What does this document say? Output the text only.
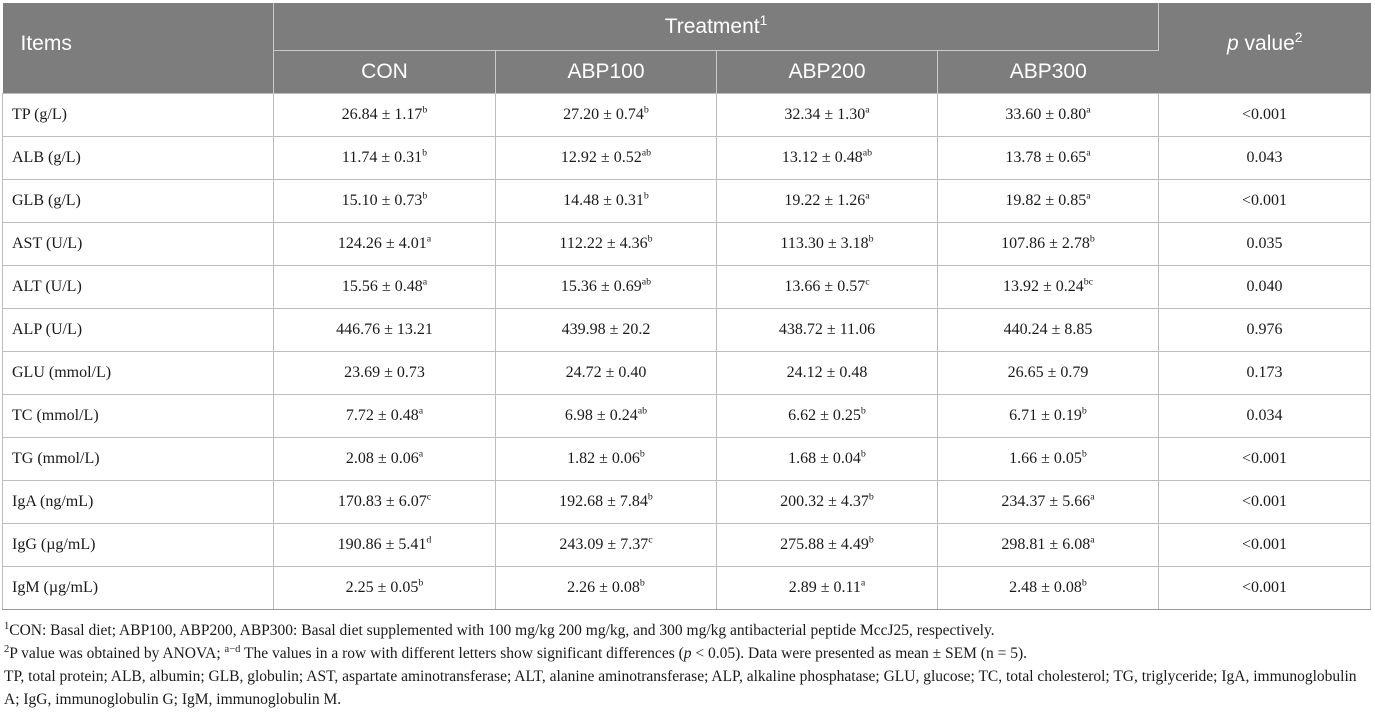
Items	Treatment$^1$				p value$^2$
	CON	ABP100	ABP200	ABP300	
TP (g/L)	26.84 ± 1.17$^b$	27.20 ± 0.74$^b$	32.34 ± 1.30$^a$	33.60 ± 0.80$^a$	<0.001
ALB (g/L)	11.74 ± 0.31$^b$	12.92 ± 0.52$^{ab}$	13.12 ± 0.48$^{ab}$	13.78 ± 0.65$^a$	0.043
GLB (g/L)	15.10 ± 0.73$^b$	14.48 ± 0.31$^b$	19.22 ± 1.26$^a$	19.82 ± 0.85$^a$	<0.001
AST (U/L)	124.26 ± 4.01$^a$	112.22 ± 4.36$^b$	113.30 ± 3.18$^b$	107.86 ± 2.78$^b$	0.035
ALT (U/L)	15.56 ± 0.48$^a$	15.36 ± 0.69$^{ab}$	13.66 ± 0.57$^c$	13.92 ± 0.24$^{bc}$	0.040
ALP (U/L)	446.76 ± 13.21	439.98 ± 20.2	438.72 ± 11.06	440.24 ± 8.85	0.976
GLU (mmol/L)	23.69 ± 0.73	24.72 ± 0.40	24.12 ± 0.48	26.65 ± 0.79	0.173
TC (mmol/L)	7.72 ± 0.48$^a$	6.98 ± 0.24$^{ab}$	6.62 ± 0.25$^b$	6.71 ± 0.19$^b$	0.034
TG (mmol/L)	2.08 ± 0.06$^a$	1.82 ± 0.06$^b$	1.68 ± 0.04$^b$	1.66 ± 0.05$^b$	<0.001
IgA (ng/mL)	170.83 ± 6.07$^c$	192.68 ± 7.84$^b$	200.32 ± 4.37$^b$	234.37 ± 5.66$^a$	<0.001
IgG (µg/mL)	190.86 ± 5.41$^d$	243.09 ± 7.37$^c$	275.88 ± 4.49$^b$	298.81 ± 6.08$^a$	<0.001
IgM (µg/mL)	2.25 ± 0.05$^b$	2.26 ± 0.08$^b$	2.89 ± 0.11$^a$	2.48 ± 0.08$^b$	<0.001

$^1$CON: Basal diet; ABP100, ABP200, ABP300: Basal diet supplemented with 100 mg/kg 200 mg/kg, and 300 mg/kg antibacterial peptide MccJ25, respectively.

$^2$P value was obtained by ANOVA; $^{a-d}$ The values in a row with different letters show significant differences (p < 0.05). Data were presented as mean ± SEM (n = 5).

TP, total protein; ALB, albumin; GLB, globulin; AST, aspartate aminotransferase; ALT, alanine aminotransferase; ALP, alkaline phosphatase; GLU, glucose; TC, total cholesterol; TG, triglyceride; IgA, immunoglobulin A; IgG, immunoglobulin G; IgM, immunoglobulin M.
